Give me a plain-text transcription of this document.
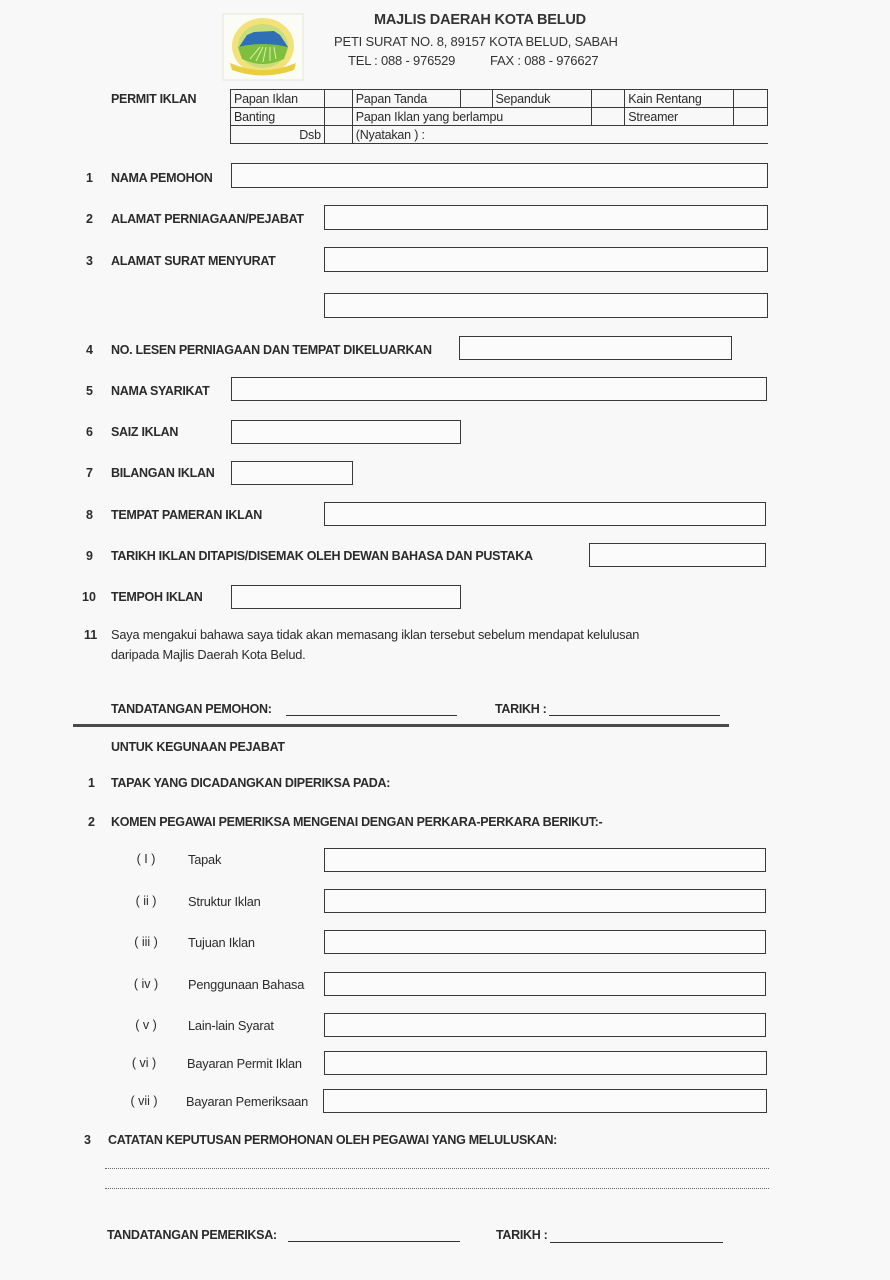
MAJLIS DAERAH KOTA BELUD
PETI SURAT NO. 8, 89157 KOTA BELUD, SABAH
TEL : 088 - 976529	FAX : 088 - 976627
PERMIT IKLAN	Papan Iklan		Papan Tanda		Sepanduk		Kain Rentang	
Banting		Papan Iklan yang berlampu				Streamer	
Dsb		(Nyatakan ) :					
1 NAMA PEMOHON
2 ALAMAT PERNIAGAAN/PEJABAT
3 ALAMAT SURAT MENYURAT
4 NO. LESEN PERNIAGAAN DAN TEMPAT DIKELUARKAN
5 NAMA SYARIKAT
6 SAIZ IKLAN
7 BILANGAN IKLAN
8 TEMPAT PAMERAN IKLAN
9 TARIKH IKLAN DITAPIS/DISEMAK OLEH DEWAN BAHASA DAN PUSTAKA
10 TEMPOH IKLAN
11 Saya mengakui bahawa saya tidak akan memasang iklan tersebut sebelum mendapat kelulusan
daripada Majlis Daerah Kota Belud.
TANDATANGAN PEMOHON:	TARIKH :
UNTUK KEGUNAAN PEJABAT
1 TAPAK YANG DICADANGKAN DIPERIKSA PADA:
2 KOMEN PEGAWAI PEMERIKSA MENGENAI DENGAN PERKARA-PERKARA BERIKUT:-
( I )	Tapak
( ii )	Struktur Iklan
( iii )	Tujuan Iklan
( iv )	Penggunaan Bahasa
( v )	Lain-lain Syarat
( vi )	Bayaran Permit Iklan
( vii )	Bayaran Pemeriksaan
3 CATATAN KEPUTUSAN PERMOHONAN OLEH PEGAWAI YANG MELULUSKAN:
TANDATANGAN PEMERIKSA:	TARIKH :
